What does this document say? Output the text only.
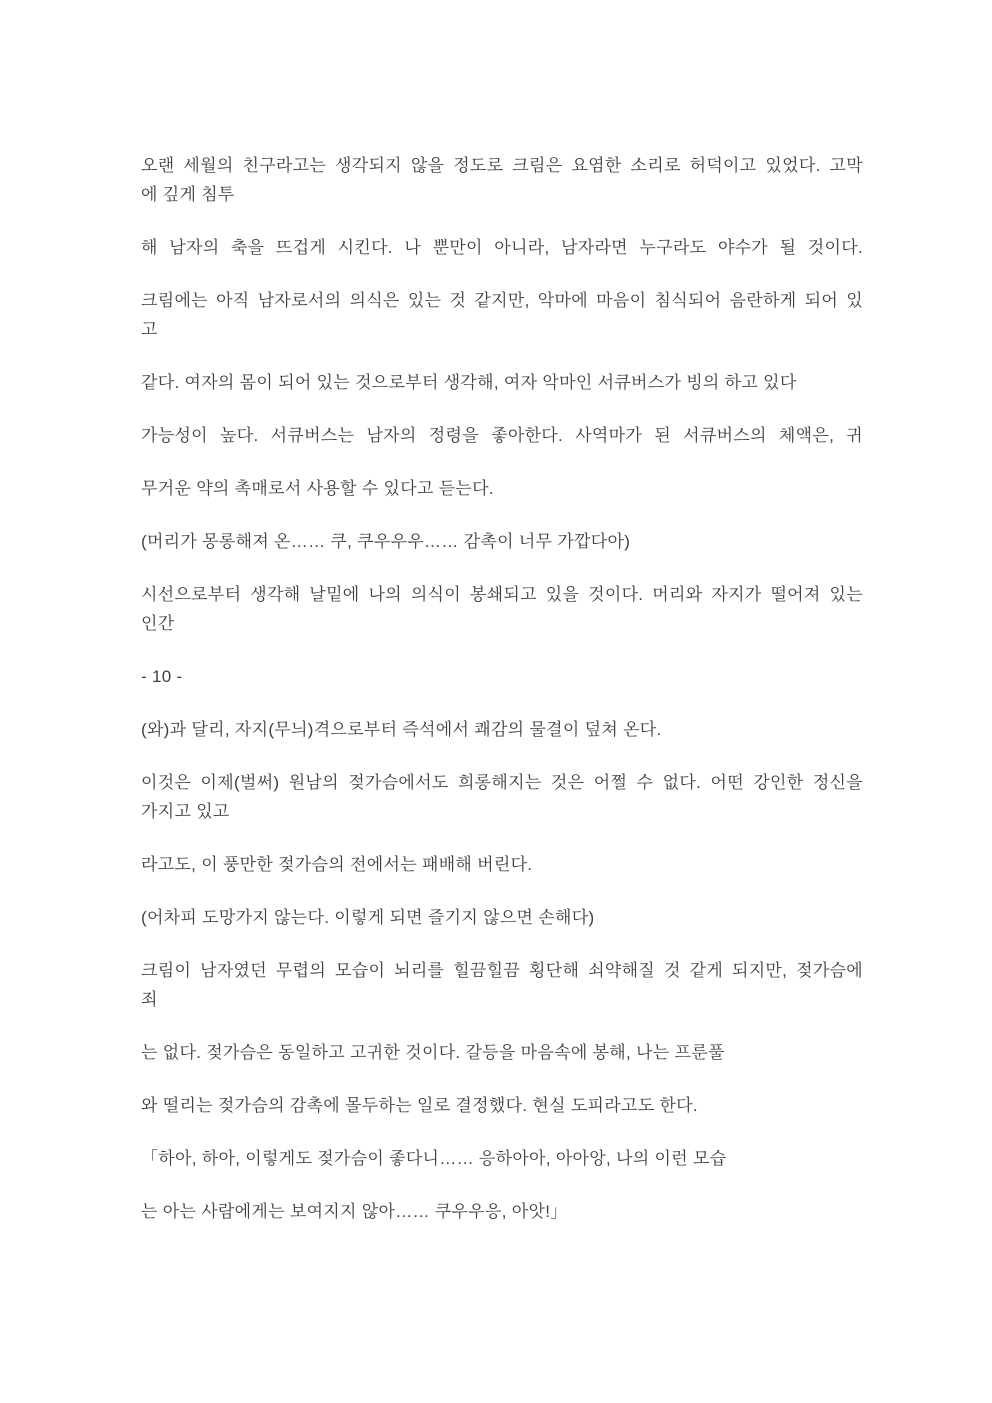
오랜 세월의 친구라고는 생각되지 않을 정도로 크림은 요염한 소리로 허덕이고 있었다. 고막
에 깊게 침투
해 남자의 축을 뜨겁게 시킨다. 나 뿐만이 아니라, 남자라면 누구라도 야수가 될 것이다.
크림에는 아직 남자로서의 의식은 있는 것 같지만, 악마에 마음이 침식되어 음란하게 되어 있
고
같다. 여자의 몸이 되어 있는 것으로부터 생각해, 여자 악마인 서큐버스가 빙의 하고 있다
가능성이 높다. 서큐버스는 남자의 정령을 좋아한다. 사역마가 된 서큐버스의 체액은, 귀
무거운 약의 촉매로서 사용할 수 있다고 듣는다.
(머리가 몽롱해져 온…… 쿠, 쿠우우우…… 감촉이 너무 가깝다아)
시선으로부터 생각해 날밑에 나의 의식이 봉쇄되고 있을 것이다. 머리와 자지가 떨어져 있는
인간
- 10 -
(와)과 달리, 자지(무늬)격으로부터 즉석에서 쾌감의 물결이 덮쳐 온다.
이것은 이제(벌써) 원남의 젖가슴에서도 희롱해지는 것은 어쩔 수 없다. 어떤 강인한 정신을
가지고 있고
라고도, 이 풍만한 젖가슴의 전에서는 패배해 버린다.
(어차피 도망가지 않는다. 이렇게 되면 즐기지 않으면 손해다)
크림이 남자였던 무렵의 모습이 뇌리를 힐끔힐끔 횡단해 쇠약해질 것 같게 되지만, 젖가슴에
죄
는 없다. 젖가슴은 동일하고 고귀한 것이다. 갈등을 마음속에 봉해, 나는 프룬풀
와 떨리는 젖가슴의 감촉에 몰두하는 일로 결정했다. 현실 도피라고도 한다.
「하아, 하아, 이렇게도 젖가슴이 좋다니…… 응하아아, 아아앙, 나의 이런 모습
는 아는 사람에게는 보여지지 않아…… 쿠우우응, 아앗!」
